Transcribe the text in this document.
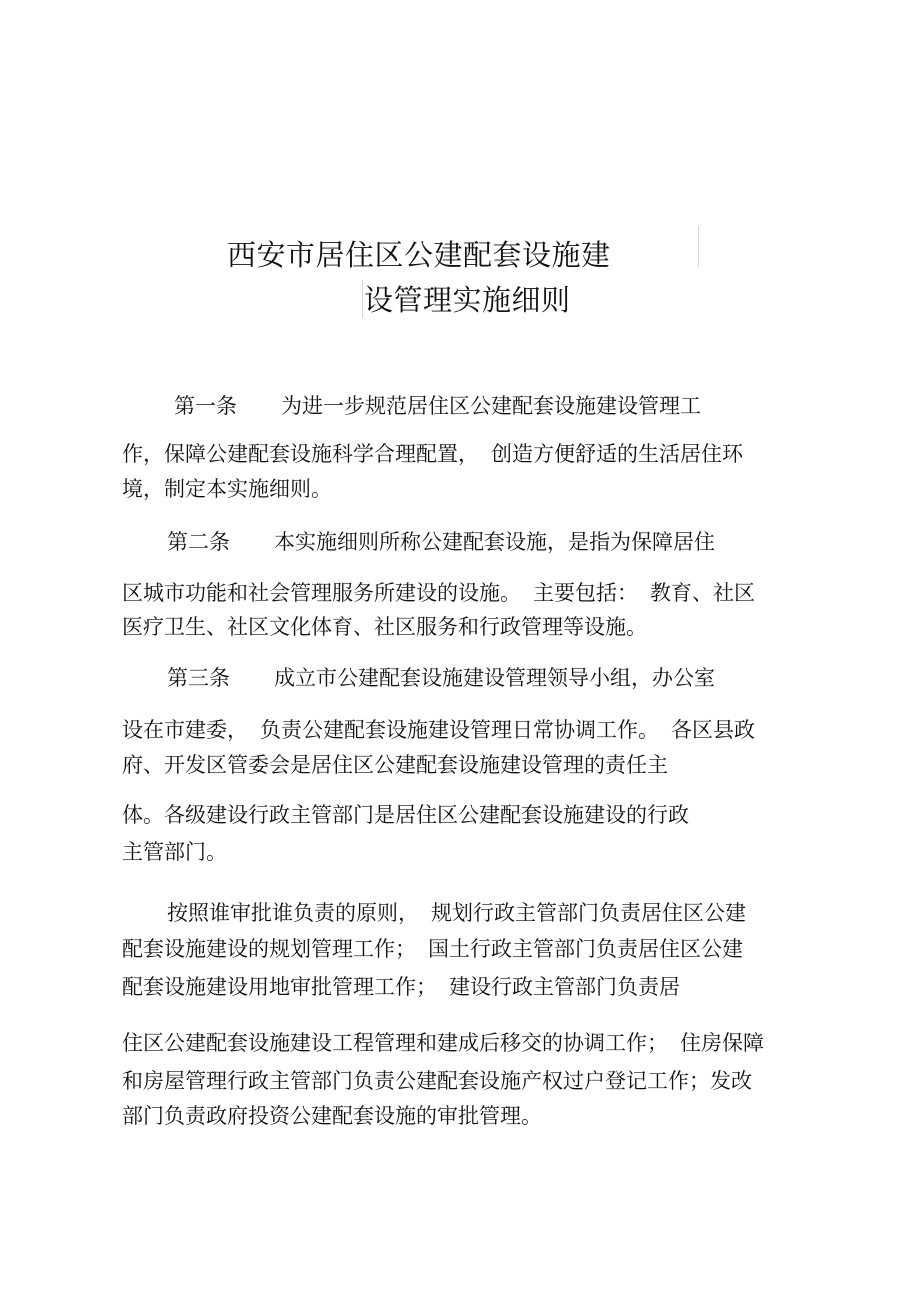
西安市居住区公建配套设施建
设管理实施细则
第一条 为进一步规范居住区公建配套设施建设管理工
作，保障公建配套设施科学合理配置， 创造方便舒适的生活居住环
境，制定本实施细则。
第二条 本实施细则所称公建配套设施，是指为保障居住
区城市功能和社会管理服务所建设的设施。 主要包括： 教育、社区
医疗卫生、社区文化体育、社区服务和行政管理等设施。
第三条 成立市公建配套设施建设管理领导小组，办公室
设在市建委， 负责公建配套设施建设管理日常协调工作。 各区县政
府、开发区管委会是居住区公建配套设施建设管理的责任主
体。各级建设行政主管部门是居住区公建配套设施建设的行政
主管部门。
按照谁审批谁负责的原则， 规划行政主管部门负责居住区公建
配套设施建设的规划管理工作； 国土行政主管部门负责居住区公建
配套设施建设用地审批管理工作； 建设行政主管部门负责居
住区公建配套设施建设工程管理和建成后移交的协调工作； 住房保障
和房屋管理行政主管部门负责公建配套设施产权过户登记工作；发改
部门负责政府投资公建配套设施的审批管理。
